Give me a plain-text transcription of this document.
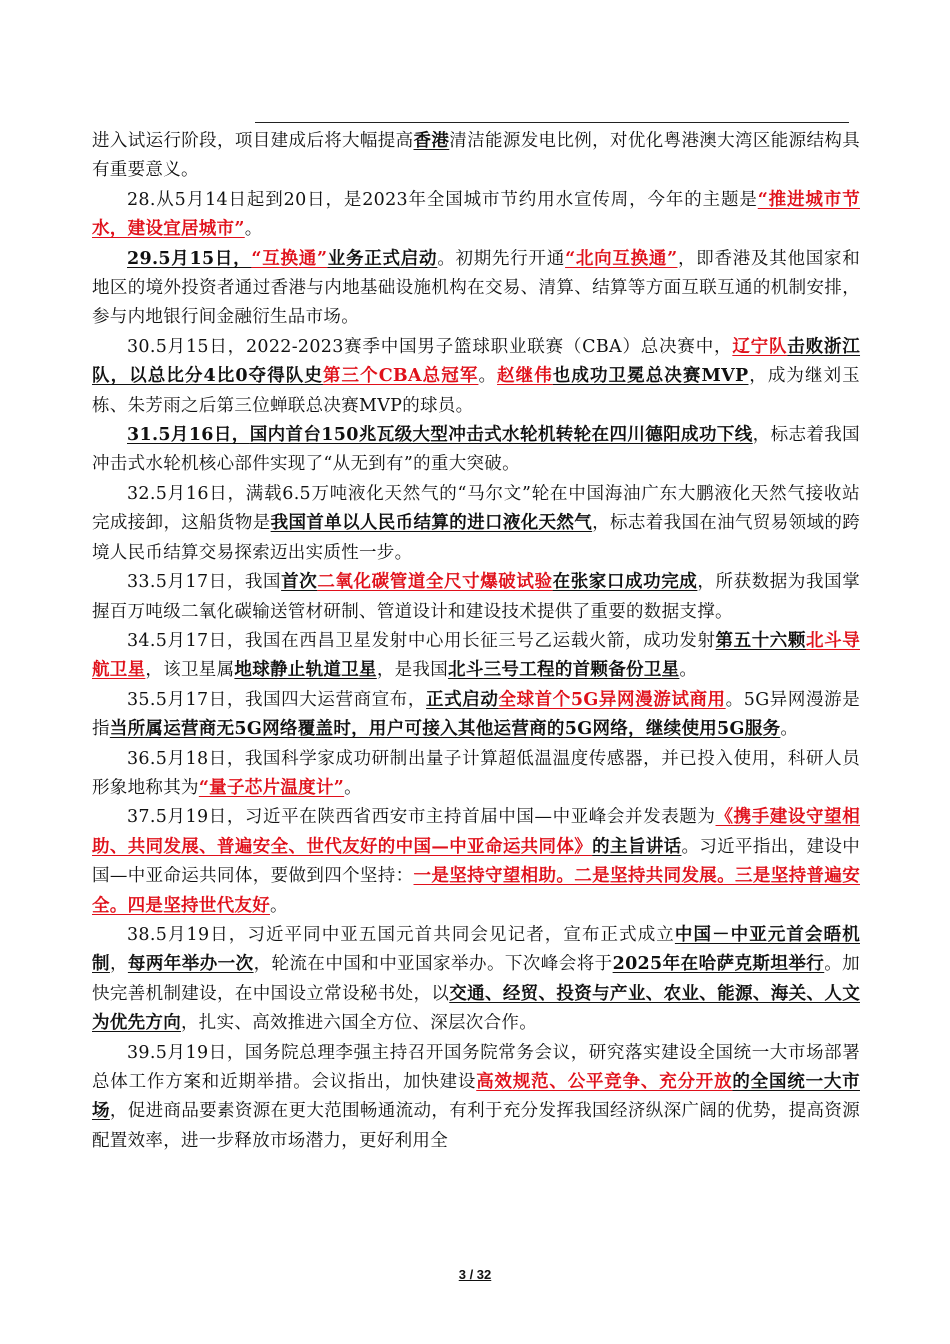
进入试运行阶段，项目建成后将大幅提高香港清洁能源发电比例，对优化粤港澳大湾区能源结构具有重要意义。

28.从5月14日起到20日，是2023年全国城市节约用水宣传周，今年的主题是“推进城市节水，建设宜居城市”。

29.5月15日，“互换通”业务正式启动。初期先行开通“北向互换通”，即香港及其他国家和地区的境外投资者通过香港与内地基础设施机构在交易、清算、结算等方面互联互通的机制安排，参与内地银行间金融衍生品市场。

30.5月15日，2022-2023赛季中国男子篮球职业联赛（CBA）总决赛中，辽宁队击败浙江队，以总比分4比0夺得队史第三个CBA总冠军。赵继伟也成功卫冕总决赛MVP，成为继刘玉栋、朱芳雨之后第三位蝉联总决赛MVP的球员。

31.5月16日，国内首台150兆瓦级大型冲击式水轮机转轮在四川德阳成功下线，标志着我国冲击式水轮机核心部件实现了“从无到有”的重大突破。

32.5月16日，满载6.5万吨液化天然气的“马尔文”轮在中国海油广东大鹏液化天然气接收站完成接卸，这船货物是我国首单以人民币结算的进口液化天然气，标志着我国在油气贸易领域的跨境人民币结算交易探索迈出实质性一步。

33.5月17日，我国首次二氧化碳管道全尺寸爆破试验在张家口成功完成，所获数据为我国掌握百万吨级二氧化碳输送管材研制、管道设计和建设技术提供了重要的数据支撑。

34.5月17日，我国在西昌卫星发射中心用长征三号乙运载火箭，成功发射第五十六颗北斗导航卫星，该卫星属地球静止轨道卫星，是我国北斗三号工程的首颗备份卫星。

35.5月17日，我国四大运营商宣布，正式启动全球首个5G异网漫游试商用。5G异网漫游是指当所属运营商无5G网络覆盖时，用户可接入其他运营商的5G网络，继续使用5G服务。

36.5月18日，我国科学家成功研制出量子计算超低温温度传感器，并已投入使用，科研人员形象地称其为“量子芯片温度计”。

37.5月19日，习近平在陕西省西安市主持首届中国—中亚峰会并发表题为《携手建设守望相助、共同发展、普遍安全、世代友好的中国—中亚命运共同体》的主旨讲话。习近平指出，建设中国—中亚命运共同体，要做到四个坚持：一是坚持守望相助。二是坚持共同发展。三是坚持普遍安全。四是坚持世代友好。

38.5月19日，习近平同中亚五国元首共同会见记者，宣布正式成立中国－中亚元首会晤机制，每两年举办一次，轮流在中国和中亚国家举办。下次峰会将于2025年在哈萨克斯坦举行。加快完善机制建设，在中国设立常设秘书处，以交通、经贸、投资与产业、农业、能源、海关、人文为优先方向，扎实、高效推进六国全方位、深层次合作。

39.5月19日，国务院总理李强主持召开国务院常务会议，研究落实建设全国统一大市场部署总体工作方案和近期举措。会议指出，加快建设高效规范、公平竞争、充分开放的全国统一大市场，促进商品要素资源在更大范围畅通流动，有利于充分发挥我国经济纵深广阔的优势，提高资源配置效率，进一步释放市场潜力，更好利用全

3 / 32
